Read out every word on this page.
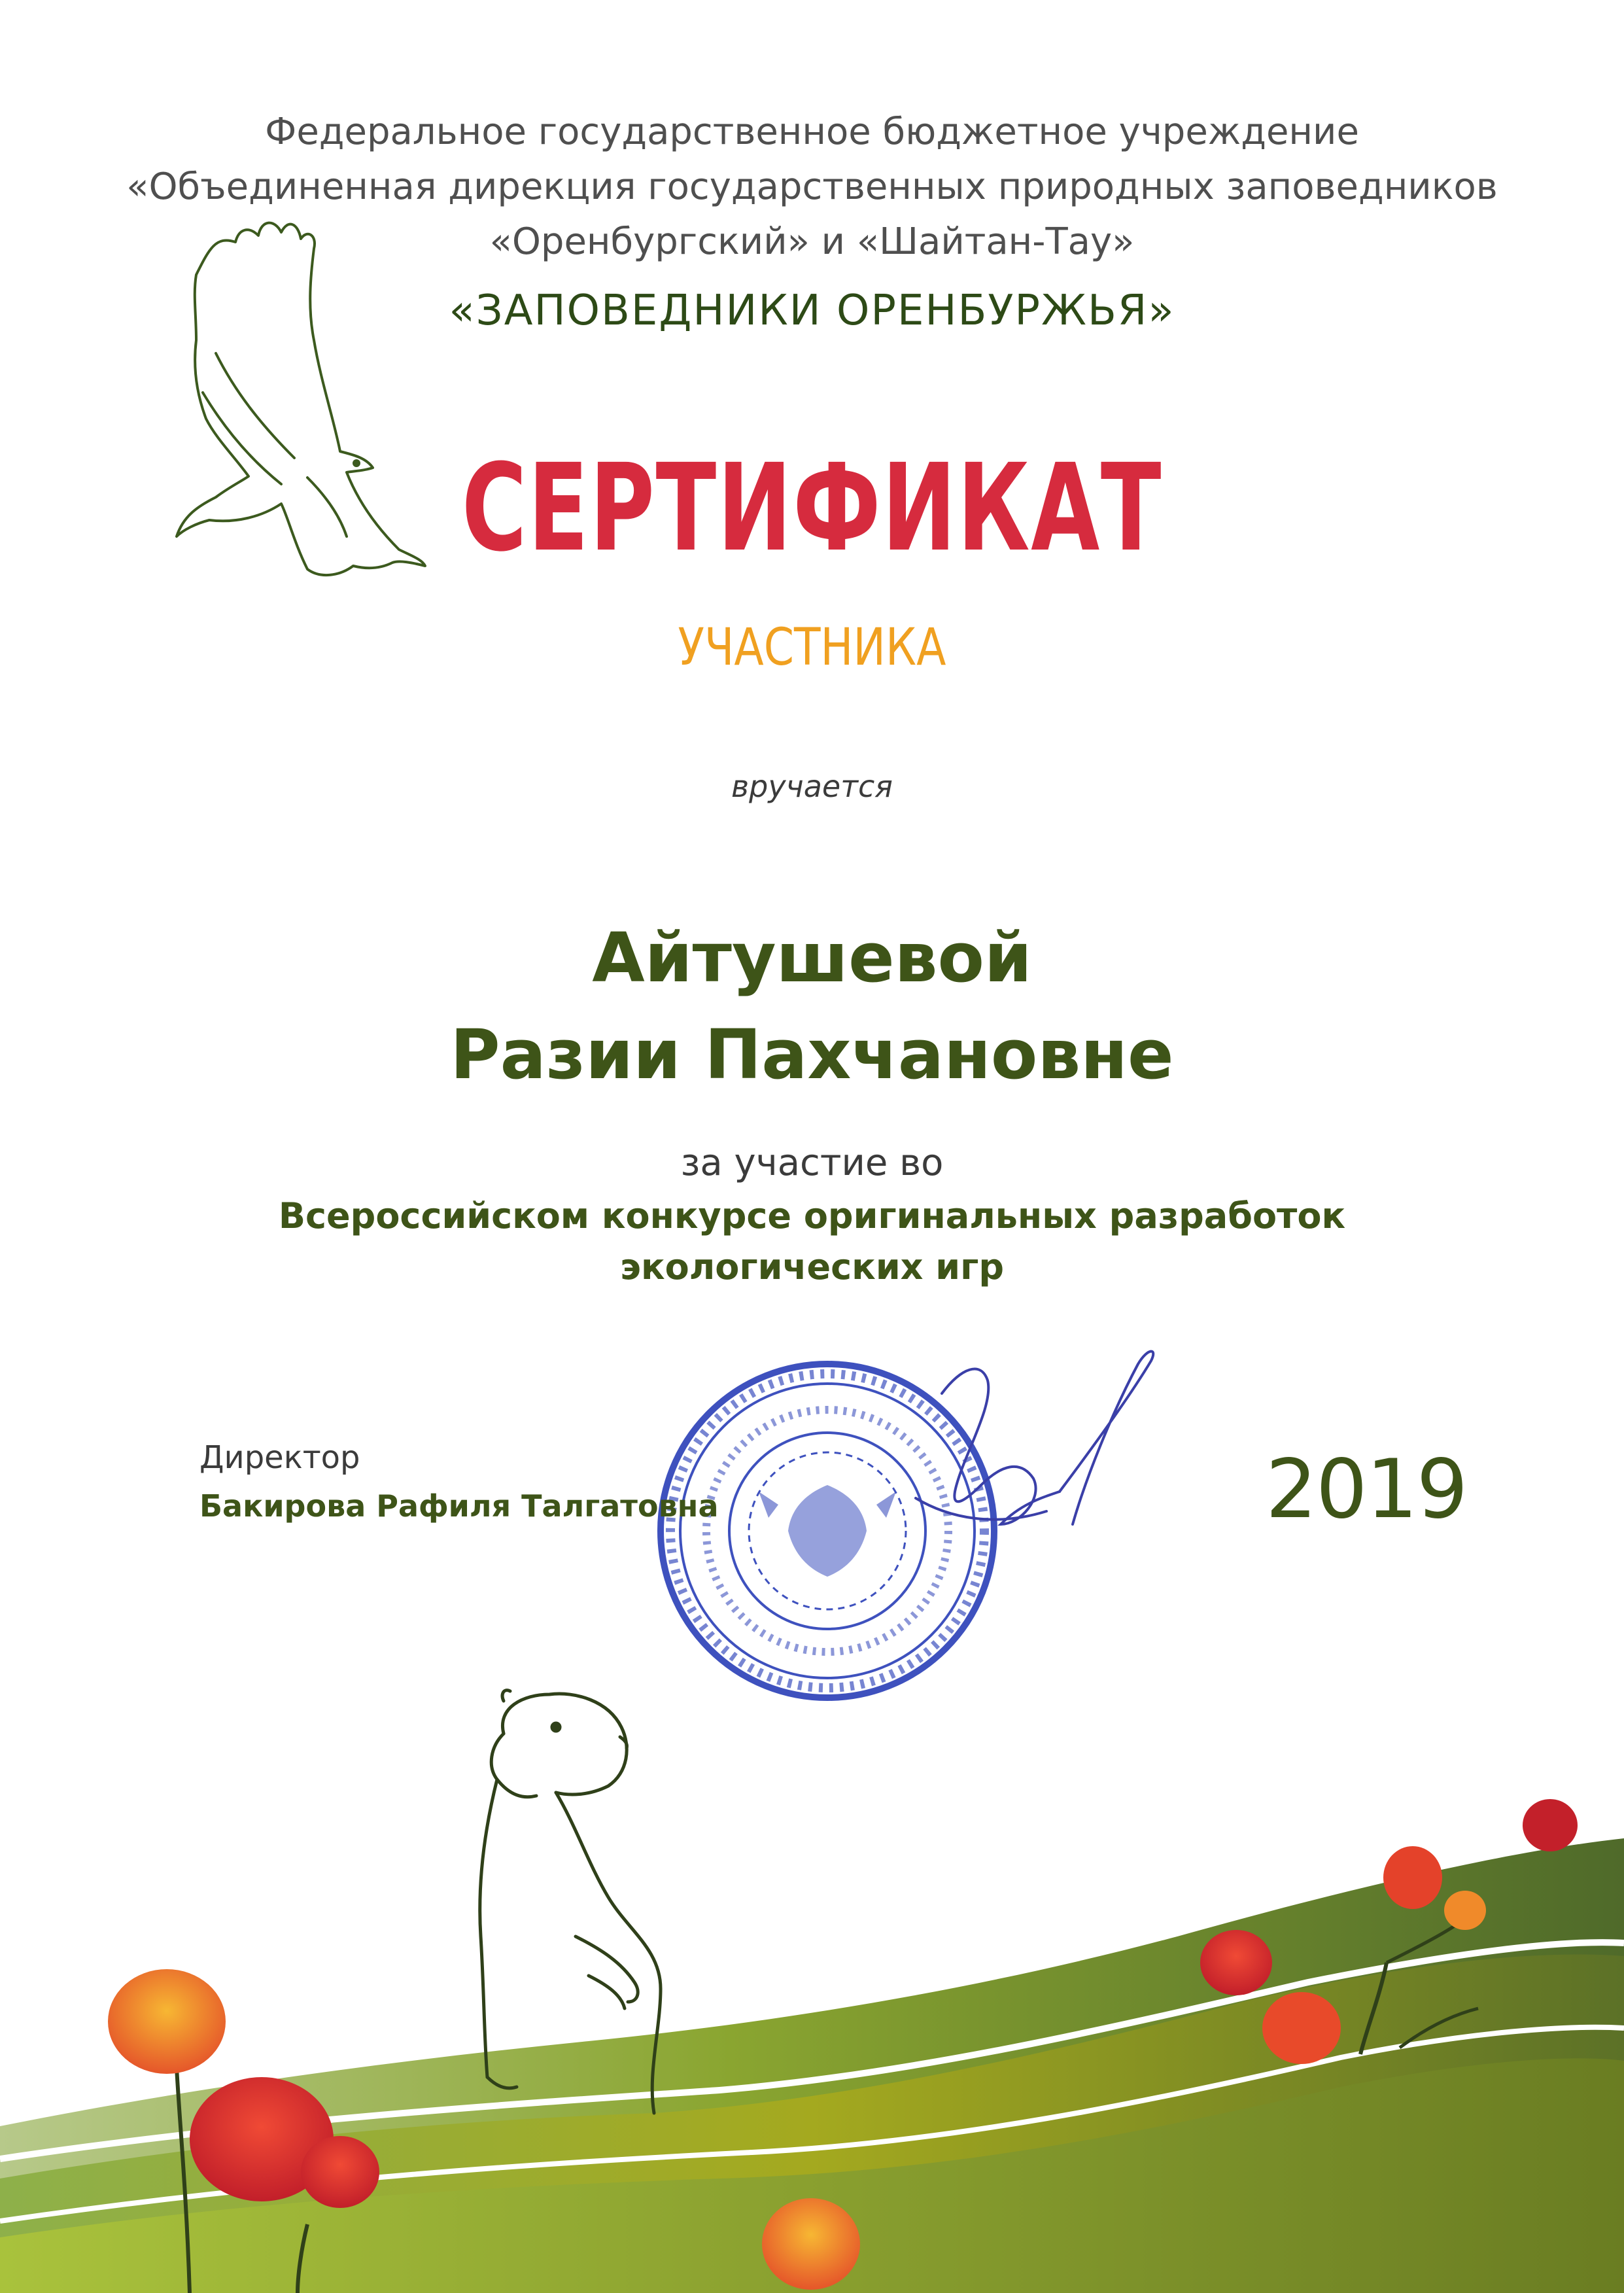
Федеральное государственное бюджетное учреждение
«Объединенная дирекция государственных природных заповедников
«Оренбургский» и «Шайтан-Тау»
«ЗАПОВЕДНИКИ ОРЕНБУРЖЬЯ»
СЕРТИФИКАТ
УЧАСТНИКА
вручается
Айтушевой
Разии Пахчановне
за участие во
Всероссийском конкурсе оригинальных разработок
экологических игр
Директор
Бакирова Рафиля Талгатовна	2019
